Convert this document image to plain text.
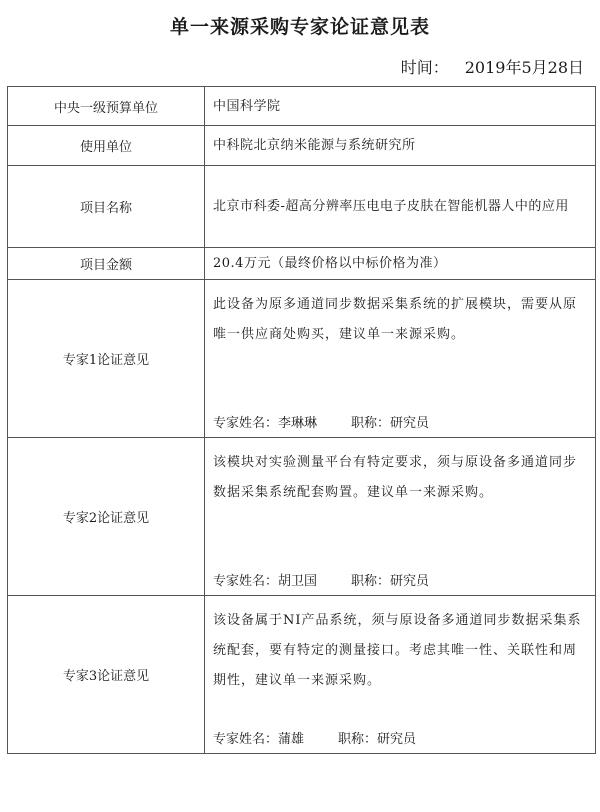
单一来源采购专家论证意见表
时间： 2019年5月28日
中央一级预算单位	中国科学院
使用单位	中科院北京纳米能源与系统研究所
项目名称	北京市科委-超高分辨率压电电子皮肤在智能机器人中的应用
项目金额	20.4万元（最终价格以中标价格为准）
专家1论证意见	此设备为原多通道同步数据采集系统的扩展模块，需要从原唯一供应商处购买，建议单一来源采购。
专家姓名：李琳琳 职称：研究员

专家2论证意见	该模块对实验测量平台有特定要求，须与原设备多通道同步数据采集系统配套购置。建议单一来源采购。
专家姓名：胡卫国 职称：研究员

专家3论证意见	该设备属于NI产品系统，须与原设备多通道同步数据采集系统配套，要有特定的测量接口。考虑其唯一性、关联性和周期性，建议单一来源采购。
专家姓名：蒲雄 职称：研究员
